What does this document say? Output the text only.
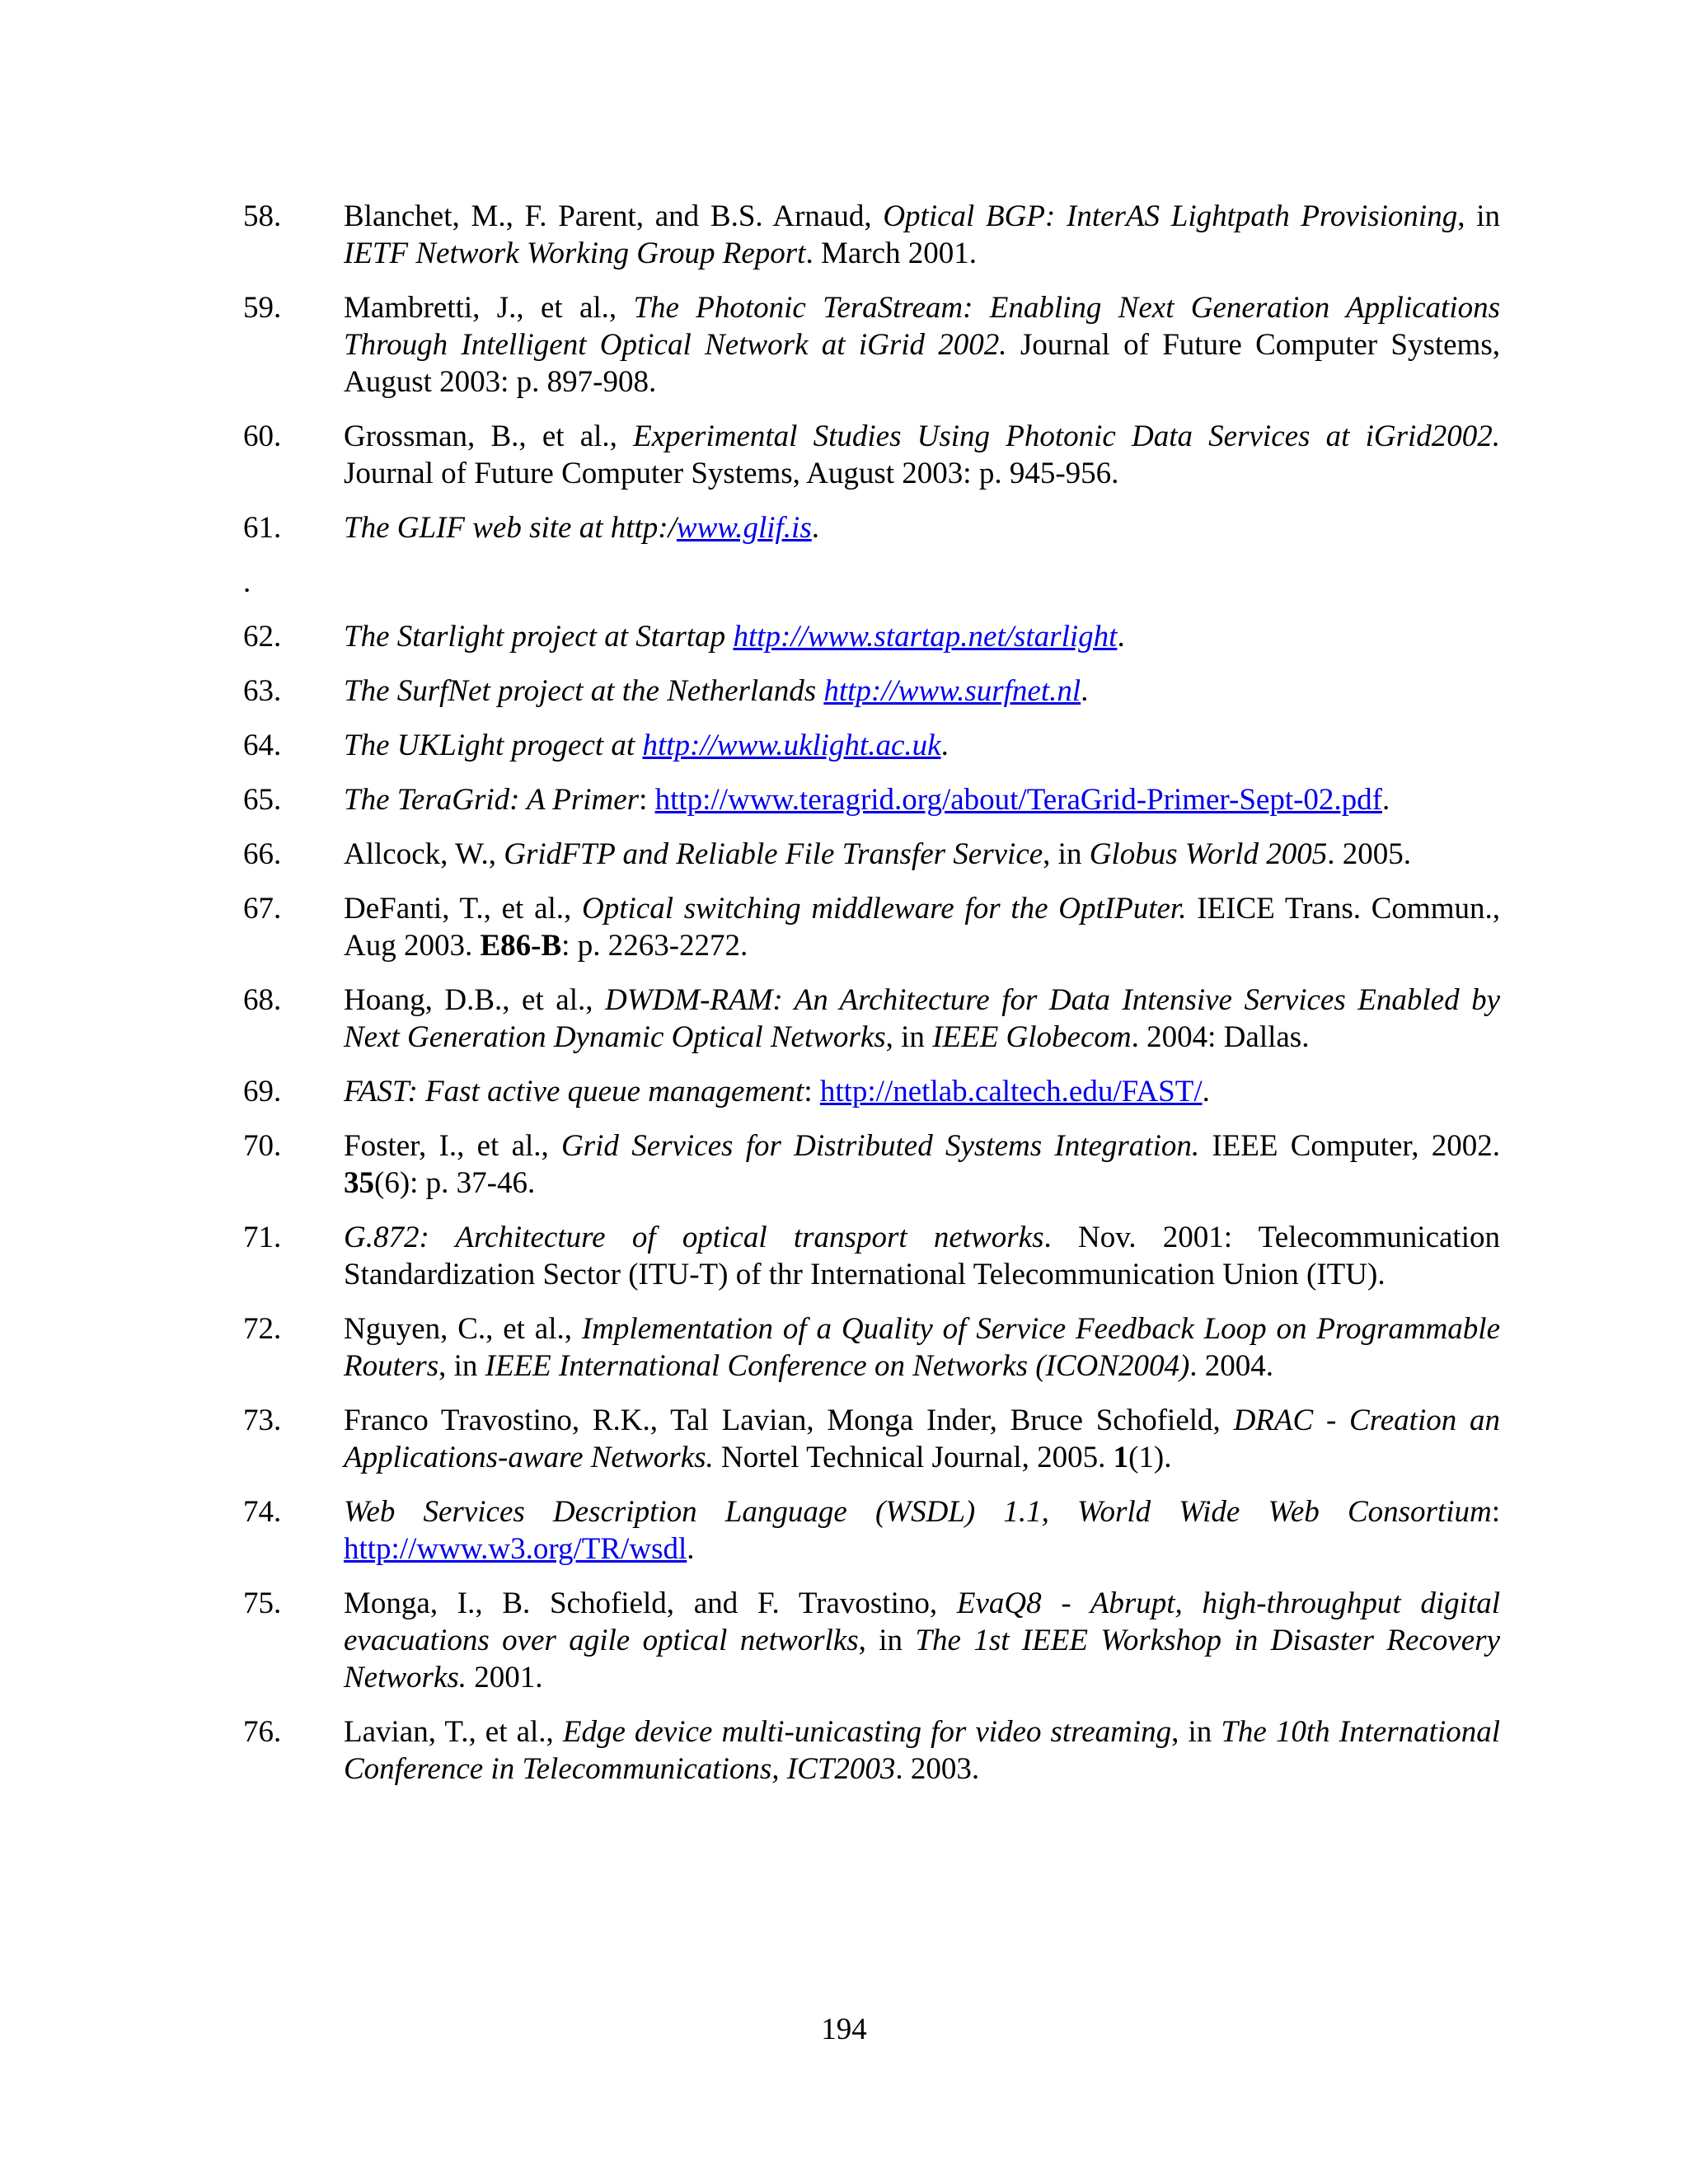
58.	Blanchet, M., F. Parent, and B.S. Arnaud, Optical BGP: InterAS Lightpath Provisioning, in IETF Network Working Group Report. March 2001.
59.	Mambretti, J., et al., The Photonic TeraStream: Enabling Next Generation Applications Through Intelligent Optical Network at iGrid 2002. Journal of Future Computer Systems, August 2003: p. 897-908.
60.	Grossman, B., et al., Experimental Studies Using Photonic Data Services at iGrid2002. Journal of Future Computer Systems, August 2003: p. 945-956.
61.	The GLIF web site at http:/www.glif.is.
.
62.	The Starlight project at Startap http://www.startap.net/starlight.
63.	The SurfNet project at the Netherlands http://www.surfnet.nl.
64.	The UKLight progect at http://www.uklight.ac.uk.
65.	The TeraGrid: A Primer: http://www.teragrid.org/about/TeraGrid-Primer-Sept-02.pdf.
66.	Allcock, W., GridFTP and Reliable File Transfer Service, in Globus World 2005. 2005.
67.	DeFanti, T., et al., Optical switching middleware for the OptIPuter. IEICE Trans. Commun., Aug 2003. E86-B: p. 2263-2272.
68.	Hoang, D.B., et al., DWDM-RAM: An Architecture for Data Intensive Services Enabled by Next Generation Dynamic Optical Networks, in IEEE Globecom. 2004: Dallas.
69.	FAST: Fast active queue management: http://netlab.caltech.edu/FAST/.
70.	Foster, I., et al., Grid Services for Distributed Systems Integration. IEEE Computer, 2002. 35(6): p. 37-46.
71.	G.872: Architecture of optical transport networks. Nov. 2001: Telecommunication Standardization Sector (ITU-T) of thr International Telecommunication Union (ITU).
72.	Nguyen, C., et al., Implementation of a Quality of Service Feedback Loop on Programmable Routers, in IEEE International Conference on Networks (ICON2004). 2004.
73.	Franco Travostino, R.K., Tal Lavian, Monga Inder, Bruce Schofield, DRAC - Creation an Applications-aware Networks. Nortel Technical Journal, 2005. 1(1).
74.	Web Services Description Language (WSDL) 1.1, World Wide Web Consortium: http://www.w3.org/TR/wsdl.
75.	Monga, I., B. Schofield, and F. Travostino, EvaQ8 - Abrupt, high-throughput digital evacuations over agile optical networlks, in The 1st IEEE Workshop in Disaster Recovery Networks. 2001.
76.	Lavian, T., et al., Edge device multi-unicasting for video streaming, in The 10th International Conference in Telecommunications, ICT2003. 2003.
194
